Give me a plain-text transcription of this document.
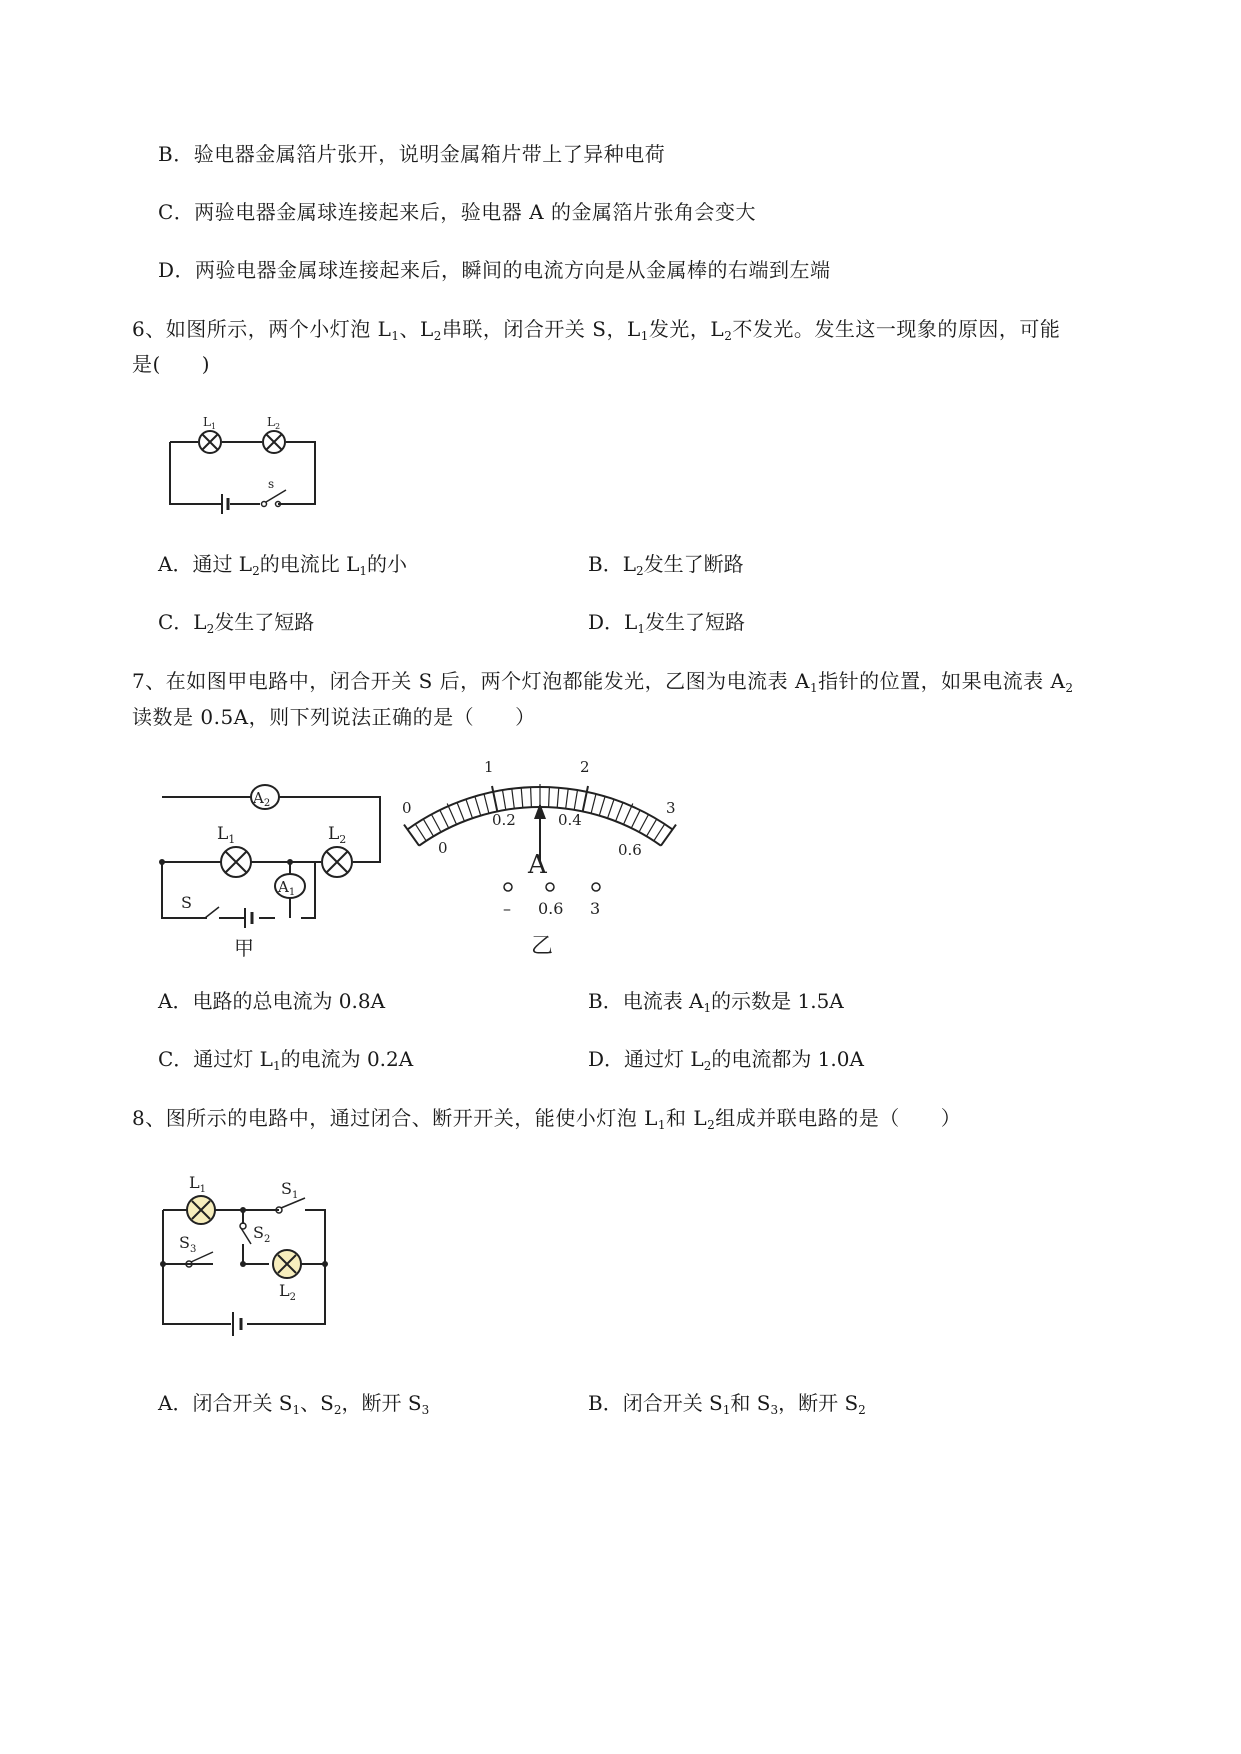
B．验电器金属箔片张开，说明金属箱片带上了异种电荷
C．两验电器金属球连接起来后，验电器 A 的金属箔片张角会变大
D．两验电器金属球连接起来后，瞬间的电流方向是从金属棒的右端到左端
6、如图所示，两个小灯泡 $L_1$、$L_2$串联，闭合开关 S，$L_1$发光，$L_2$不发光。发生这一现象的原因，可能
是(　　)
$L_1$	$L_2$
s
A．通过 $L_2$的电流比 $L_1$的小	B．$L_2$发生了断路
C．$L_2$发生了短路	D．$L_1$发生了短路
7、在如图甲电路中，闭合开关 S 后，两个灯泡都能发光，乙图为电流表 $A_1$指针的位置，如果电流表 $A_2$
读数是 0.5A，则下列说法正确的是（　　）
$A_2$
$A_1$
$L_1$	$L_2$
S
甲
0
1	2
3
0
0.2	0.4
0.6
A
– 0.6 3
乙
A．电路的总电流为 0.8A	B．电流表 $A_1$的示数是 1.5A
C．通过灯 $L_1$的电流为 0.2A	D．通过灯 $L_2$的电流都为 1.0A
8、图所示的电路中，通过闭合、断开开关，能使小灯泡 $L_1$和 $L_2$组成并联电路的是（　　）
$L_1$	$S_1$
$S_2$
$S_3$
$L_2$
A．闭合开关 $S_1$、$S_2$，断开 $S_3$	B．闭合开关 $S_1$和 $S_3$，断开 $S_2$
